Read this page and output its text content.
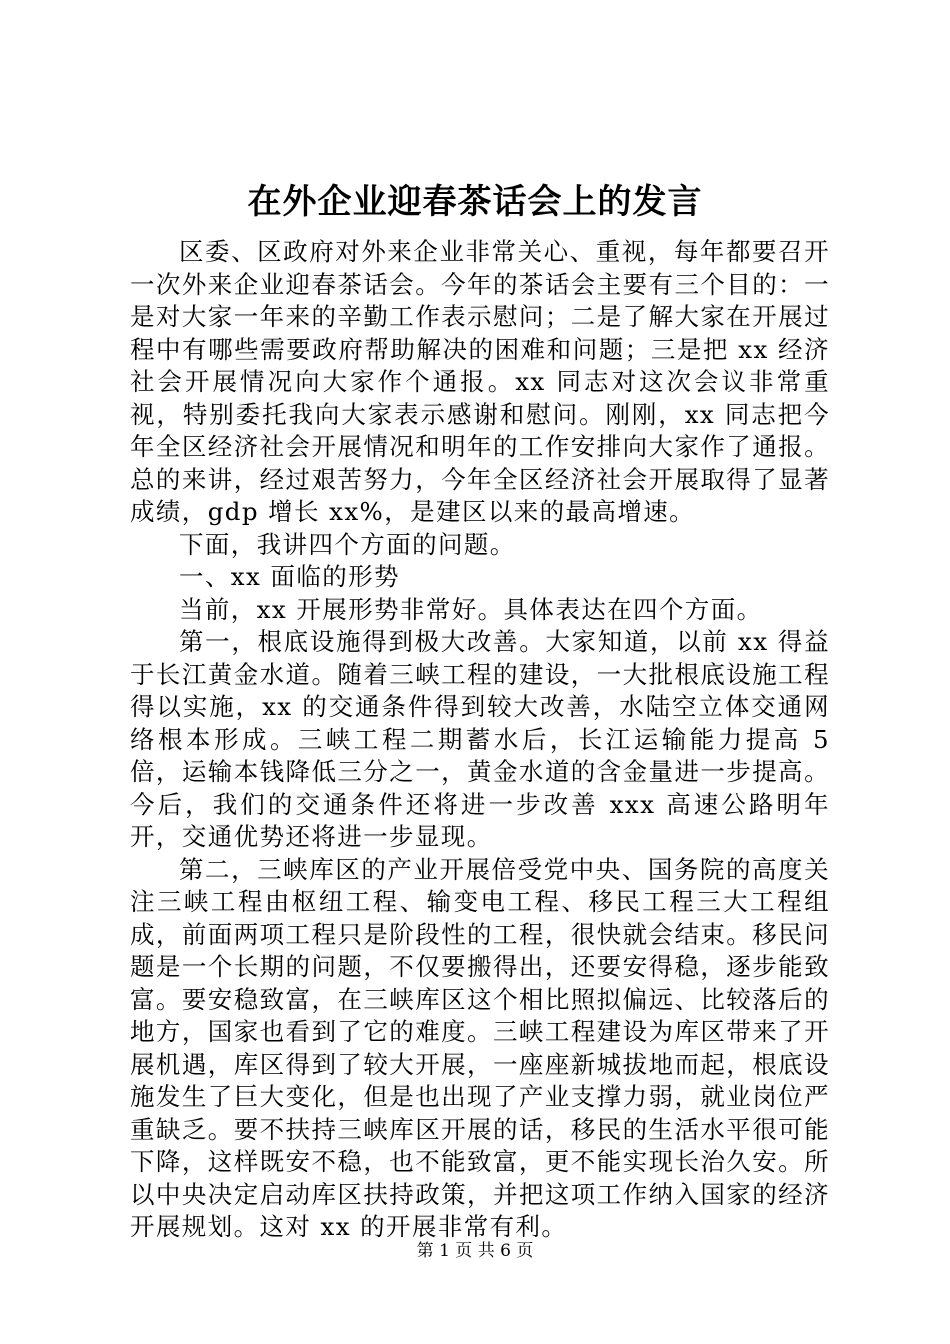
在外企业迎春茶话会上的发言

区委、区政府对外来企业非常关心、重视，每年都要召开一次外来企业迎春茶话会。今年的茶话会主要有三个目的：一是对大家一年来的辛勤工作表示慰问；二是了解大家在开展过程中有哪些需要政府帮助解决的困难和问题；三是把 xx 经济社会开展情况向大家作个通报。xx 同志对这次会议非常重视，特别委托我向大家表示感谢和慰问。刚刚，xx 同志把今年全区经济社会开展情况和明年的工作安排向大家作了通报。总的来讲，经过艰苦努力，今年全区经济社会开展取得了显著成绩，gdp 增长 xx%，是建区以来的最高增速。

下面，我讲四个方面的问题。

一、xx 面临的形势

当前，xx 开展形势非常好。具体表达在四个方面。

第一，根底设施得到极大改善。大家知道，以前 xx 得益于长江黄金水道。随着三峡工程的建设，一大批根底设施工程得以实施，xx 的交通条件得到较大改善，水陆空立体交通网络根本形成。三峡工程二期蓄水后，长江运输能力提高 5 倍，运输本钱降低三分之一，黄金水道的含金量进一步提高。今后，我们的交通条件还将进一步改善 xxx 高速公路明年开，交通优势还将进一步显现。

第二，三峡库区的产业开展倍受党中央、国务院的高度关注三峡工程由枢纽工程、输变电工程、移民工程三大工程组成，前面两项工程只是阶段性的工程，很快就会结束。移民问题是一个长期的问题，不仅要搬得出，还要安得稳，逐步能致富。要安稳致富，在三峡库区这个相比照拟偏远、比较落后的地方，国家也看到了它的难度。三峡工程建设为库区带来了开展机遇，库区得到了较大开展，一座座新城拔地而起，根底设施发生了巨大变化，但是也出现了产业支撑力弱，就业岗位严重缺乏。要不扶持三峡库区开展的话，移民的生活水平很可能下降，这样既安不稳，也不能致富，更不能实现长治久安。所以中央决定启动库区扶持政策，并把这项工作纳入国家的经济开展规划。这对 xx 的开展非常有利。

第 1 页 共 6 页
